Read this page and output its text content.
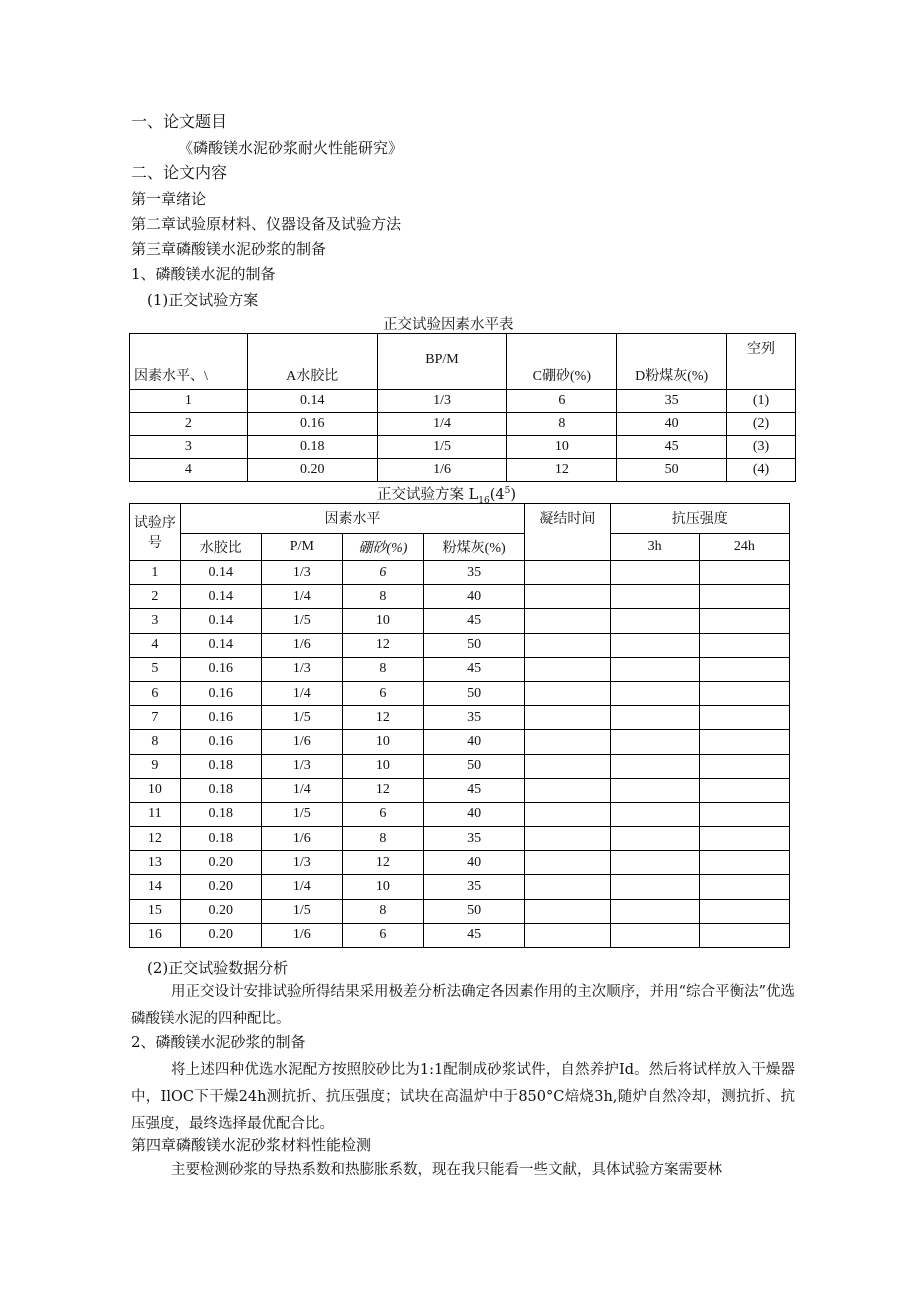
一、论文题目
《磷酸镁水泥砂浆耐火性能研究》
二、论文内容
第一章绪论
第二章试验原材料、仪器设备及试验方法
第三章磷酸镁水泥砂浆的制备
1、磷酸镁水泥的制备
(1)正交试验方案
正交试验因素水平表
因素水平、\	A水胶比	BP/M	C硼砂(%)	D粉煤灰(%)	空列
1	0.14	1/3	6	35	(1)
2	0.16	1/4	8	40	(2)
3	0.18	1/5	10	45	(3)
4	0.20	1/6	12	50	(4)
正交试验方案 $L_{16}(4^5)$
试验序号	因素水平				凝结时间	抗压强度	
	水胶比	P/M	硼砂(%)	粉煤灰(%)		3h	24h
1	0.14	1/3	6	35			
2	0.14	1/4	8	40			
3	0.14	1/5	10	45			
4	0.14	1/6	12	50			
5	0.16	1/3	8	45			
6	0.16	1/4	6	50			
7	0.16	1/5	12	35			
8	0.16	1/6	10	40			
9	0.18	1/3	10	50			
10	0.18	1/4	12	45			
11	0.18	1/5	6	40			
12	0.18	1/6	8	35			
13	0.20	1/3	12	40			
14	0.20	1/4	10	35			
15	0.20	1/5	8	50			
16	0.20	1/6	6	45			
(2)正交试验数据分析
用正交设计安排试验所得结果采用极差分析法确定各因素作用的主次顺序，并用“综合平衡法”优选磷酸镁水泥的四种配比。
2、磷酸镁水泥砂浆的制备
将上述四种优选水泥配方按照胶砂比为1:1配制成砂浆试件，自然养护Id。然后将试样放入干燥器中，IlOC下干燥24h测抗折、抗压强度；试块在高温炉中于850°C焙烧3h,随炉自然冷却，测抗折、抗压强度，最终选择最优配合比。
第四章磷酸镁水泥砂浆材料性能检测
主要检测砂浆的导热系数和热膨胀系数，现在我只能看一些文献，具体试验方案需要林
